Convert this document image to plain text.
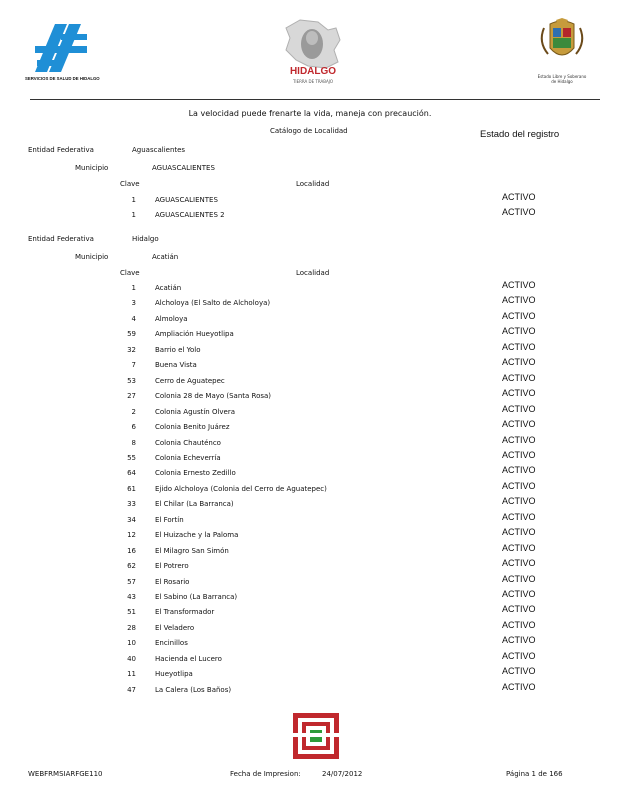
SERVICIOS DE SALUD DE HIDALGO
HIDALGO
TIERRA DE TRABAJO
Estado Libre y Soberano de Hidalgo
La velocidad puede frenarte la vida, maneja con precaución.
Catálogo de Localidad	Estado del registro
Entidad Federativa	Aguascalientes
Municipio	AGUASCALIENTES
Clave	Localidad
1	AGUASCALIENTES	ACTIVO
1	AGUASCALIENTES 2	ACTIVO
Entidad Federativa	Hidalgo
Municipio	Acatián
Clave	Localidad
1	Acatián	ACTIVO
3	Alcholoya (El Salto de Alcholoya)	ACTIVO
4	Almoloya	ACTIVO
59	Ampliación Hueyotlipa	ACTIVO
32	Barrio el Yolo	ACTIVO
7	Buena Vista	ACTIVO
53	Cerro de Aguatepec	ACTIVO
27	Colonia 28 de Mayo (Santa Rosa)	ACTIVO
2	Colonia Agustín Olvera	ACTIVO
6	Colonia Benito Juárez	ACTIVO
8	Colonia Chauténco	ACTIVO
55	Colonia Echeverría	ACTIVO
64	Colonia Ernesto Zedillo	ACTIVO
61	Ejido Alcholoya (Colonia del Cerro de Aguatepec)	ACTIVO
33	El Chilar (La Barranca)	ACTIVO
34	El Fortín	ACTIVO
12	El Huizache y la Paloma	ACTIVO
16	El Milagro San Simón	ACTIVO
62	El Potrero	ACTIVO
57	El Rosario	ACTIVO
43	El Sabino (La Barranca)	ACTIVO
51	El Transformador	ACTIVO
28	El Veladero	ACTIVO
10	Encinillos	ACTIVO
40	Hacienda el Lucero	ACTIVO
11	Hueyotlipa	ACTIVO
47	La Calera (Los Baños)	ACTIVO
WEBFRMSIARFGE110	Fecha de Impresion:	24/07/2012	Página 1 de 166
